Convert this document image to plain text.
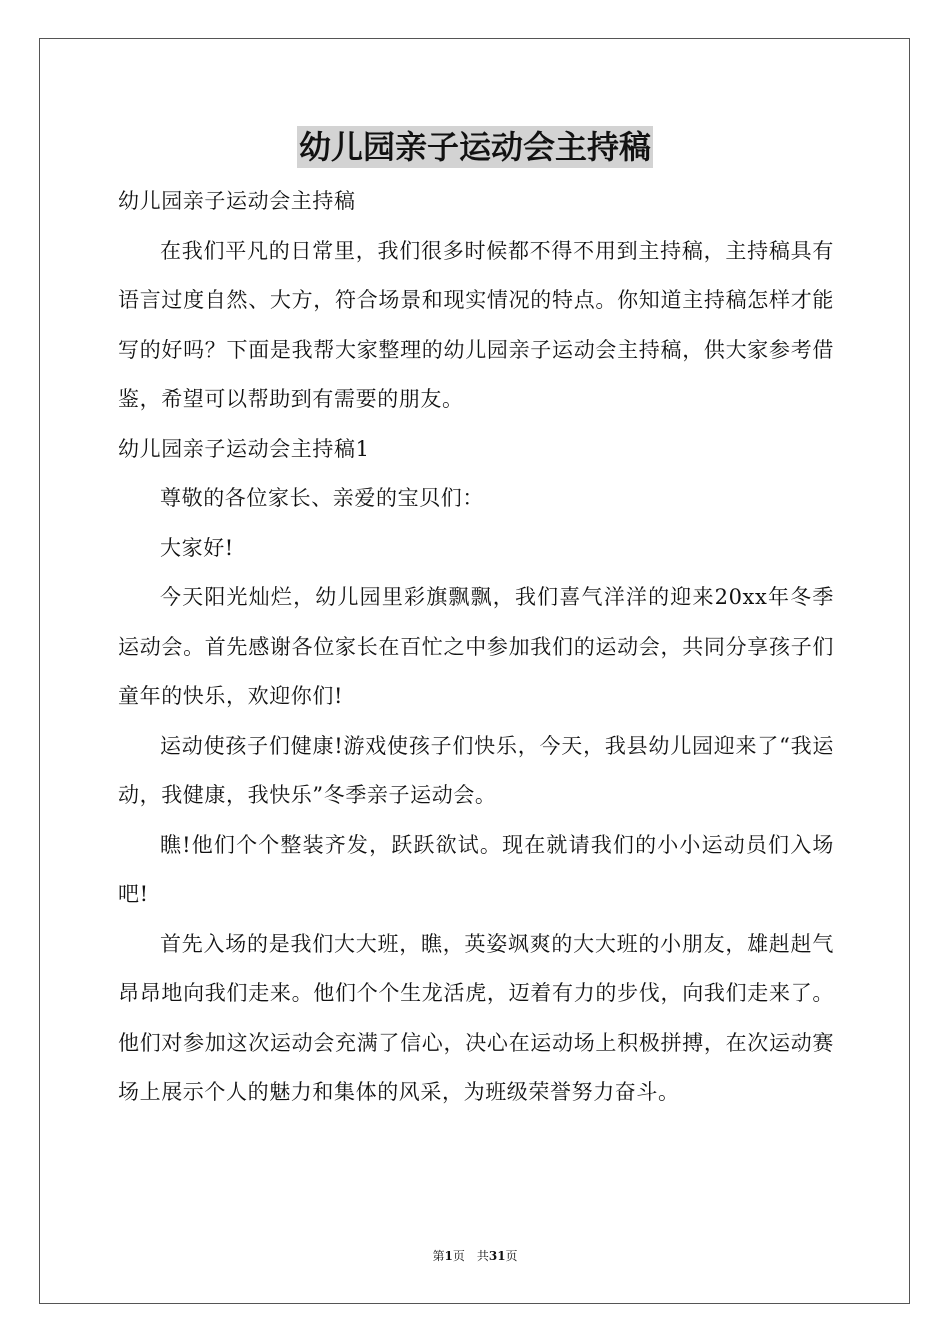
幼儿园亲子运动会主持稿

幼儿园亲子运动会主持稿

在我们平凡的日常里，我们很多时候都不得不用到主持稿，主持稿具有语言过度自然、大方，符合场景和现实情况的特点。你知道主持稿怎样才能写的好吗？下面是我帮大家整理的幼儿园亲子运动会主持稿，供大家参考借鉴，希望可以帮助到有需要的朋友。

幼儿园亲子运动会主持稿1

尊敬的各位家长、亲爱的宝贝们：

大家好!

今天阳光灿烂，幼儿园里彩旗飘飘，我们喜气洋洋的迎来20xx年冬季运动会。首先感谢各位家长在百忙之中参加我们的运动会，共同分享孩子们童年的快乐，欢迎你们!

运动使孩子们健康!游戏使孩子们快乐，今天，我县幼儿园迎来了“我运动，我健康，我快乐”冬季亲子运动会。

瞧!他们个个整装齐发，跃跃欲试。现在就请我们的小小运动员们入场吧!

首先入场的是我们大大班，瞧，英姿飒爽的大大班的小朋友，雄赳赳气昂昂地向我们走来。他们个个生龙活虎，迈着有力的步伐，向我们走来了。他们对参加这次运动会充满了信心，决心在运动场上积极拼搏，在次运动赛场上展示个人的魅力和集体的风采，为班级荣誉努力奋斗。

第1页 共31页
